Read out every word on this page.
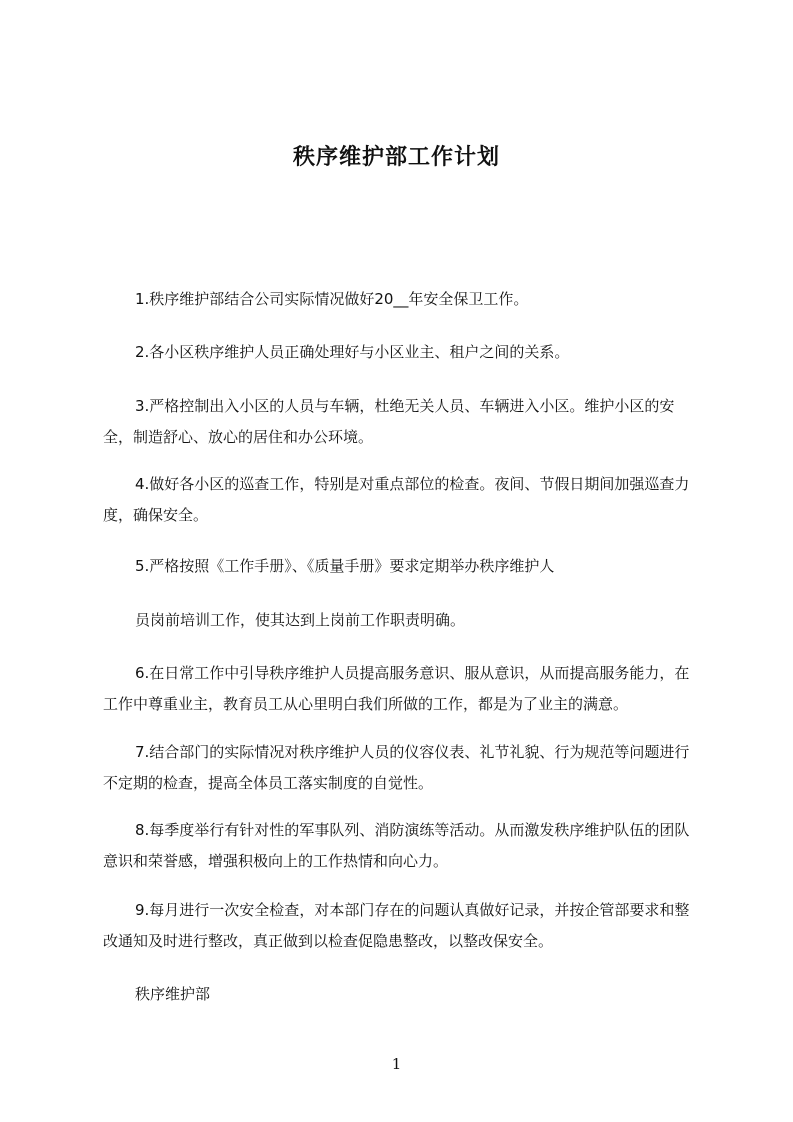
秩序维护部工作计划

1.秩序维护部结合公司实际情况做好20__年安全保卫工作。

2.各小区秩序维护人员正确处理好与小区业主、租户之间的关系。

3.严格控制出入小区的人员与车辆，杜绝无关人员、车辆进入小区。维护小区的安全，制造舒心、放心的居住和办公环境。

4.做好各小区的巡查工作，特别是对重点部位的检查。夜间、节假日期间加强巡查力度，确保安全。

5.严格按照《工作手册》、《质量手册》要求定期举办秩序维护人

员岗前培训工作，使其达到上岗前工作职责明确。

6.在日常工作中引导秩序维护人员提高服务意识、服从意识，从而提高服务能力，在工作中尊重业主，教育员工从心里明白我们所做的工作，都是为了业主的满意。

7.结合部门的实际情况对秩序维护人员的仪容仪表、礼节礼貌、行为规范等问题进行不定期的检查，提高全体员工落实制度的自觉性。

8.每季度举行有针对性的军事队列、消防演练等活动。从而激发秩序维护队伍的团队意识和荣誉感，增强积极向上的工作热情和向心力。

9.每月进行一次安全检查，对本部门存在的问题认真做好记录，并按企管部要求和整改通知及时进行整改，真正做到以检查促隐患整改，以整改保安全。

秩序维护部

1
